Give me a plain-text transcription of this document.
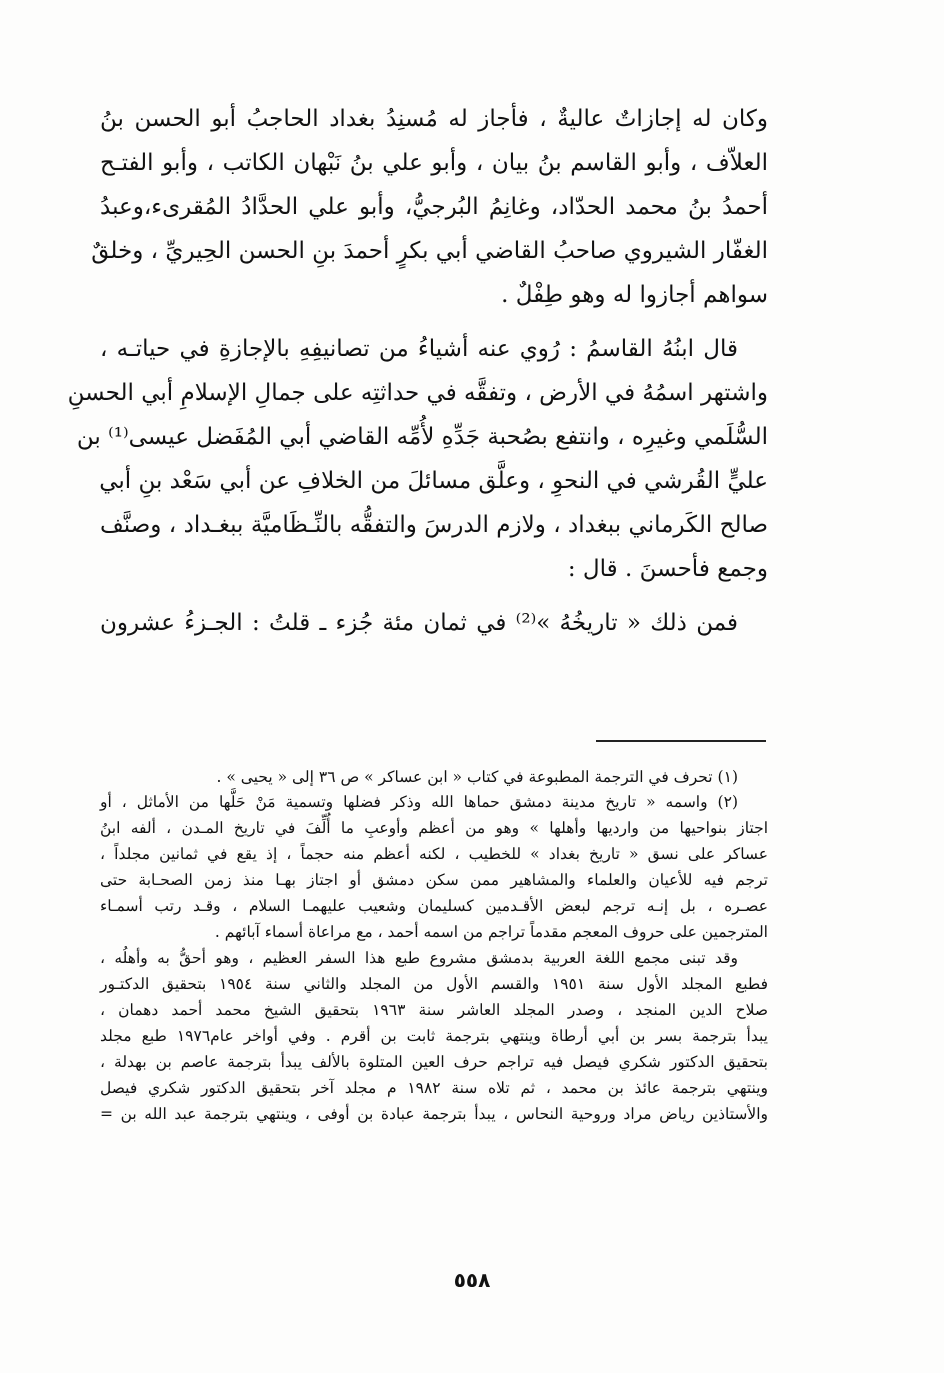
وكان له إجازاتٌ عاليةٌ ، فأجاز له مُسنِدُ بغداد الحاجبُ أبو الحسن بنُ
العلاّف ، وأبو القاسم بنُ بيان ، وأبو علي بنُ نَبْهان الكاتب ، وأبو الفتـح
أحمدُ بنُ محمد الحدّاد، وغانِمُ البُرجيُّ، وأبو علي الحدَّادُ المُقرىء،وعبدُ
الغفّار الشيروي صاحبُ القاضي أبي بكرٍ أحمدَ بنِ الحسن الحِيريِّ ، وخلقٌ
سواهم أجازوا له وهو طِفْلٌ .
قال ابنُهُ القاسمُ : رُوي عنه أشياءُ من تصانيفِهِ بالإجازةِ في حياتـه ،
واشتهر اسمُهُ في الأرض ، وتفقَّه في حداثتِه على جمالِ الإسلامِ أبي الحسنِ
السُّلَمي وغيرِه ، وانتفع بصُحبة جَدِّهِ لأُمِّه القاضي أبي المُفَضل عيسى⁽¹⁾ بن
عليٍّ القُرشي في النحوِ ، وعلَّق مسائلَ من الخلافِ عن أبي سَعْد بنِ أبي
صالح الكَرماني ببغداد ، ولازم الدرسَ والتفقُّه بالنِّـظَاميَّة ببغـداد ، وصنَّف
وجمع فأحسنَ . قال :
فمن ذلك « تاريخُهُ »⁽²⁾ في ثمان مئة جُزء ـ قلتُ : الجـزءُ عشرون
(١) تحرف في الترجمة المطبوعة في كتاب « ابن عساكر » ص ٣٦ إلى « يحيى » .
(٢) واسمه « تاريخ مدينة دمشق حماها الله وذكر فضلها وتسمية مَنْ حَلَّها من الأماثل ، أو
اجتاز بنواحيها من وارديها وأهلها » وهو من أعظم وأوعبِ ما أُلِّفَ في تاريخ المـدن ، ألفه ابنُ
عساكر على نسق « تاريخ بغداد » للخطيب ، لكنه أعظم منه حجماً ، إذ يقع في ثمانين مجلداً ،
ترجم فيه للأعيان والعلماء والمشاهير ممن سكن دمشق أو اجتاز بهـا منذ زمن الصحـابة حتى
عصـره ، بل إنـه ترجم لبعض الأقـدمين كسليمان وشعيب عليهمـا السلام ، وقـد رتب أسمـاء
المترجمين على حروف المعجم مقدماً تراجم من اسمه أحمد ، مع مراعاة أسماء آبائهم .
وقد تبنى مجمع اللغة العربية بدمشق مشروع طبع هذا السفر العظيم ، وهو أحقُّ به وأهلُه ،
فطبع المجلد الأول سنة ١٩٥١ والقسم الأول من المجلد والثاني سنة ١٩٥٤ بتحقيق الدكتـور
صلاح الدين المنجد ، وصدر المجلد العاشر سنة ١٩٦٣ بتحقيق الشيخ محمد أحمد دهمان ،
يبدأ بترجمة بسر بن أبي أرطاة وينتهي بترجمة ثابت بن أقرم . وفي أواخر عام١٩٧٦ طبع مجلد
بتحقيق الدكتور شكري فيصل فيه تراجم حرف العين المتلوة بالألف يبدأ بترجمة عاصم بن بهدلة ،
وينتهي بترجمة عائذ بن محمد ، ثم تلاه سنة ١٩٨٢ م مجلد آخر بتحقيق الدكتور شكري فيصل
والأستاذين رياض مراد وروحية النحاس ، يبدأ بترجمة عبادة بن أوفى ، وينتهي بترجمة عبد الله بن =
٥٥٨
